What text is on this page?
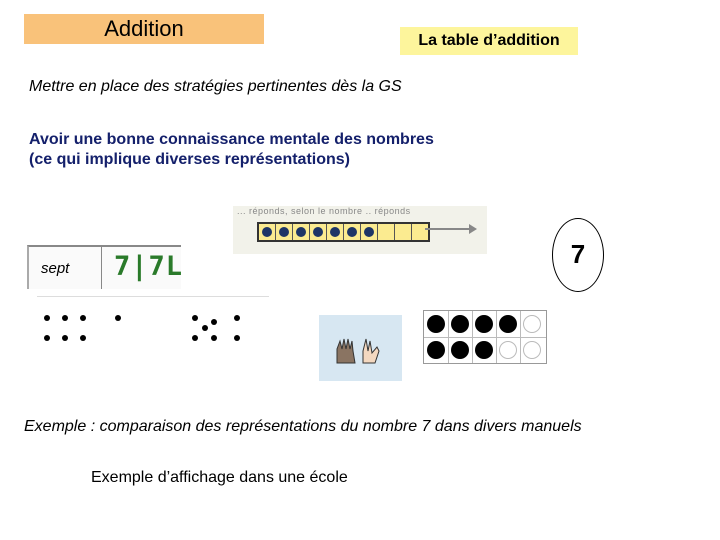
Addition	La table d’addition
Mettre en place des stratégies pertinentes dès la GS
Avoir une bonne connaissance mentale des nombres
(ce qui implique diverses représentations)
... réponds, selon le nombre .. réponds
7
sept 7|7L
Exemple : comparaison des représentations du nombre 7 dans divers manuels
Exemple d’affichage dans une école
